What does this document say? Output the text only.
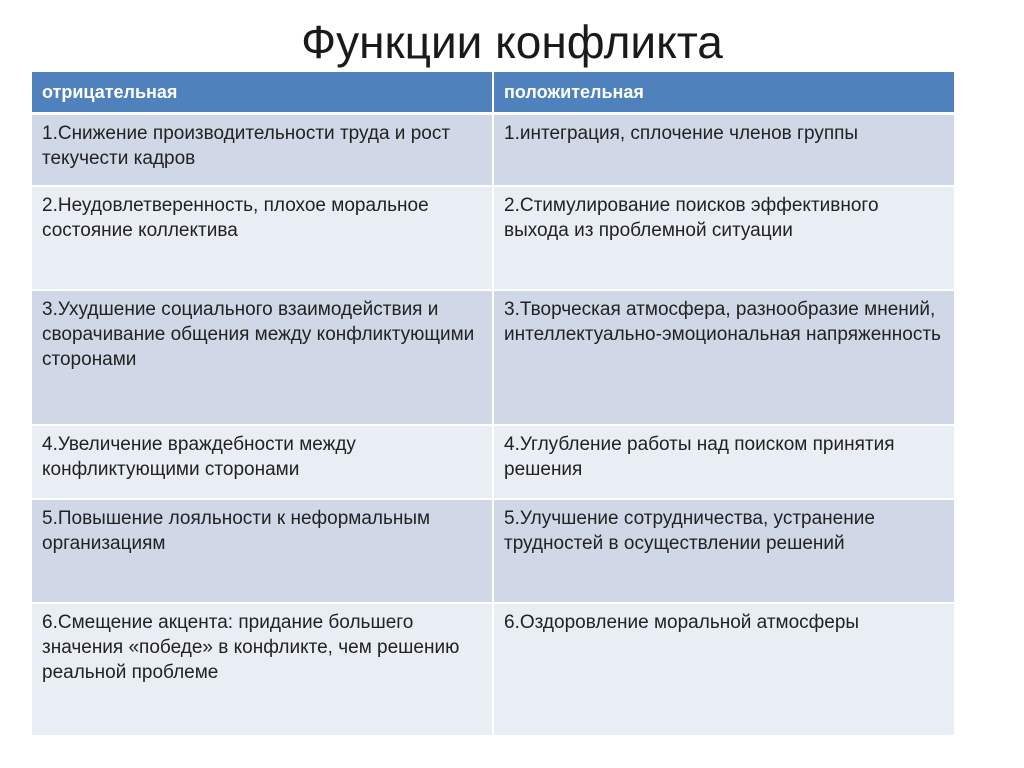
Функции конфликта
отрицательная	положительная
1.Снижение производительности труда и рост текучести кадров	1.интеграция, сплочение членов группы
2.Неудовлетверенность, плохое моральное состояние коллектива	2.Стимулирование поисков эффективного выхода из проблемной ситуации
3.Ухудшение социального взаимодействия и сворачивание общения между конфликтующими сторонами	3.Творческая атмосфера, разнообразие мнений, интеллектуально-эмоциональная напряженность
4.Увеличение враждебности между конфликтующими сторонами	4.Углубление работы над поиском принятия решения
5.Повышение лояльности к неформальным организациям	5.Улучшение сотрудничества, устранение трудностей в осуществлении решений
6.Смещение акцента: придание большего значения «победе» в конфликте, чем решению реальной проблеме	6.Оздоровление моральной атмосферы
